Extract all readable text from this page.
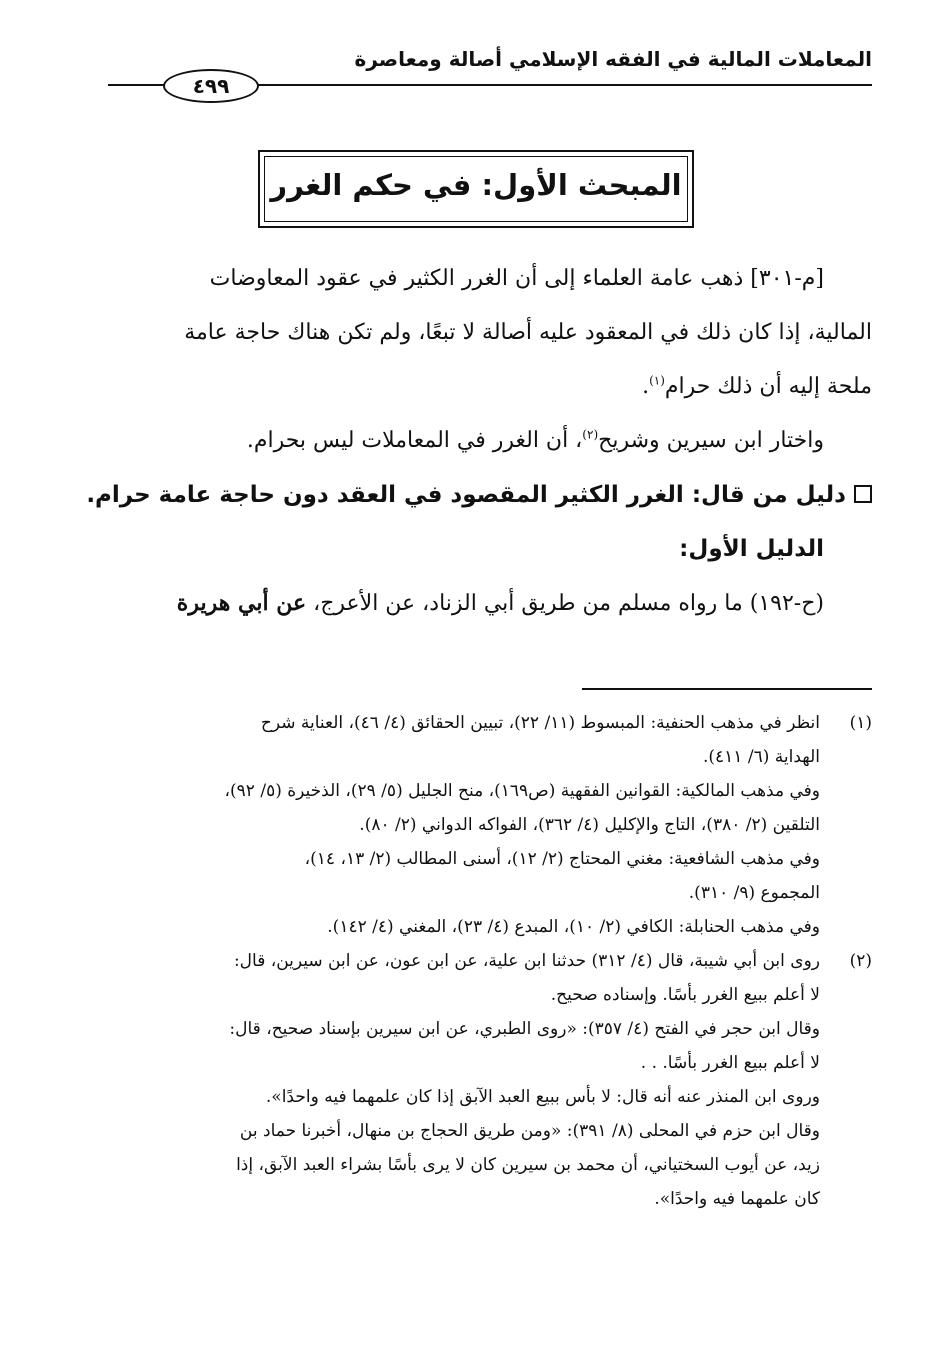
المعاملات المالية في الفقه الإسلامي أصالة ومعاصرة
٤٩٩
المبحث الأول: في حكم الغرر

[م-٣٠١] ذهب عامة العلماء إلى أن الغرر الكثير في عقود المعاوضات

المالية، إذا كان ذلك في المعقود عليه أصالة لا تبعًا، ولم تكن هناك حاجة عامة

ملحة إليه أن ذلك حرام$^{(١)}$.

واختار ابن سيرين وشريح$^{(٢)}$، أن الغرر في المعاملات ليس بحرام.

دليل من قال: الغرر الكثير المقصود في العقد دون حاجة عامة حرام.

الدليل الأول:

(ح-١٩٢) ما رواه مسلم من طريق أبي الزناد، عن الأعرج، عن أبي هريرة

(١)

انظر في مذهب الحنفية: المبسوط (١١/ ٢٢)، تبيين الحقائق (٤/ ٤٦)، العناية شرح

الهداية (٦/ ٤١١).

وفي مذهب المالكية: القوانين الفقهية (ص١٦٩)، منح الجليل (٥/ ٢٩)، الذخيرة (٥/ ٩٢)،

التلقين (٢/ ٣٨٠)، التاج والإكليل (٤/ ٣٦٢)، الفواكه الدواني (٢/ ٨٠).

وفي مذهب الشافعية: مغني المحتاج (٢/ ١٢)، أسنى المطالب (٢/ ١٣، ١٤)،

المجموع (٩/ ٣١٠).

وفي مذهب الحنابلة: الكافي (٢/ ١٠)، المبدع (٤/ ٢٣)، المغني (٤/ ١٤٢).

(٢)

روى ابن أبي شيبة، قال (٤/ ٣١٢) حدثنا ابن علية، عن ابن عون، عن ابن سيرين، قال:

لا أعلم ببيع الغرر بأسًا. وإسناده صحيح.

وقال ابن حجر في الفتح (٤/ ٣٥٧): «روى الطبري، عن ابن سيرين بإسناد صحيح، قال:

لا أعلم ببيع الغرر بأسًا. . .

وروى ابن المنذر عنه أنه قال: لا بأس ببيع العبد الآبق إذا كان علمهما فيه واحدًا».

وقال ابن حزم في المحلى (٨/ ٣٩١): «ومن طريق الحجاج بن منهال، أخبرنا حماد بن

زيد، عن أيوب السختياني، أن محمد بن سيرين كان لا يرى بأسًا بشراء العبد الآبق، إذا

كان علمهما فيه واحدًا».
